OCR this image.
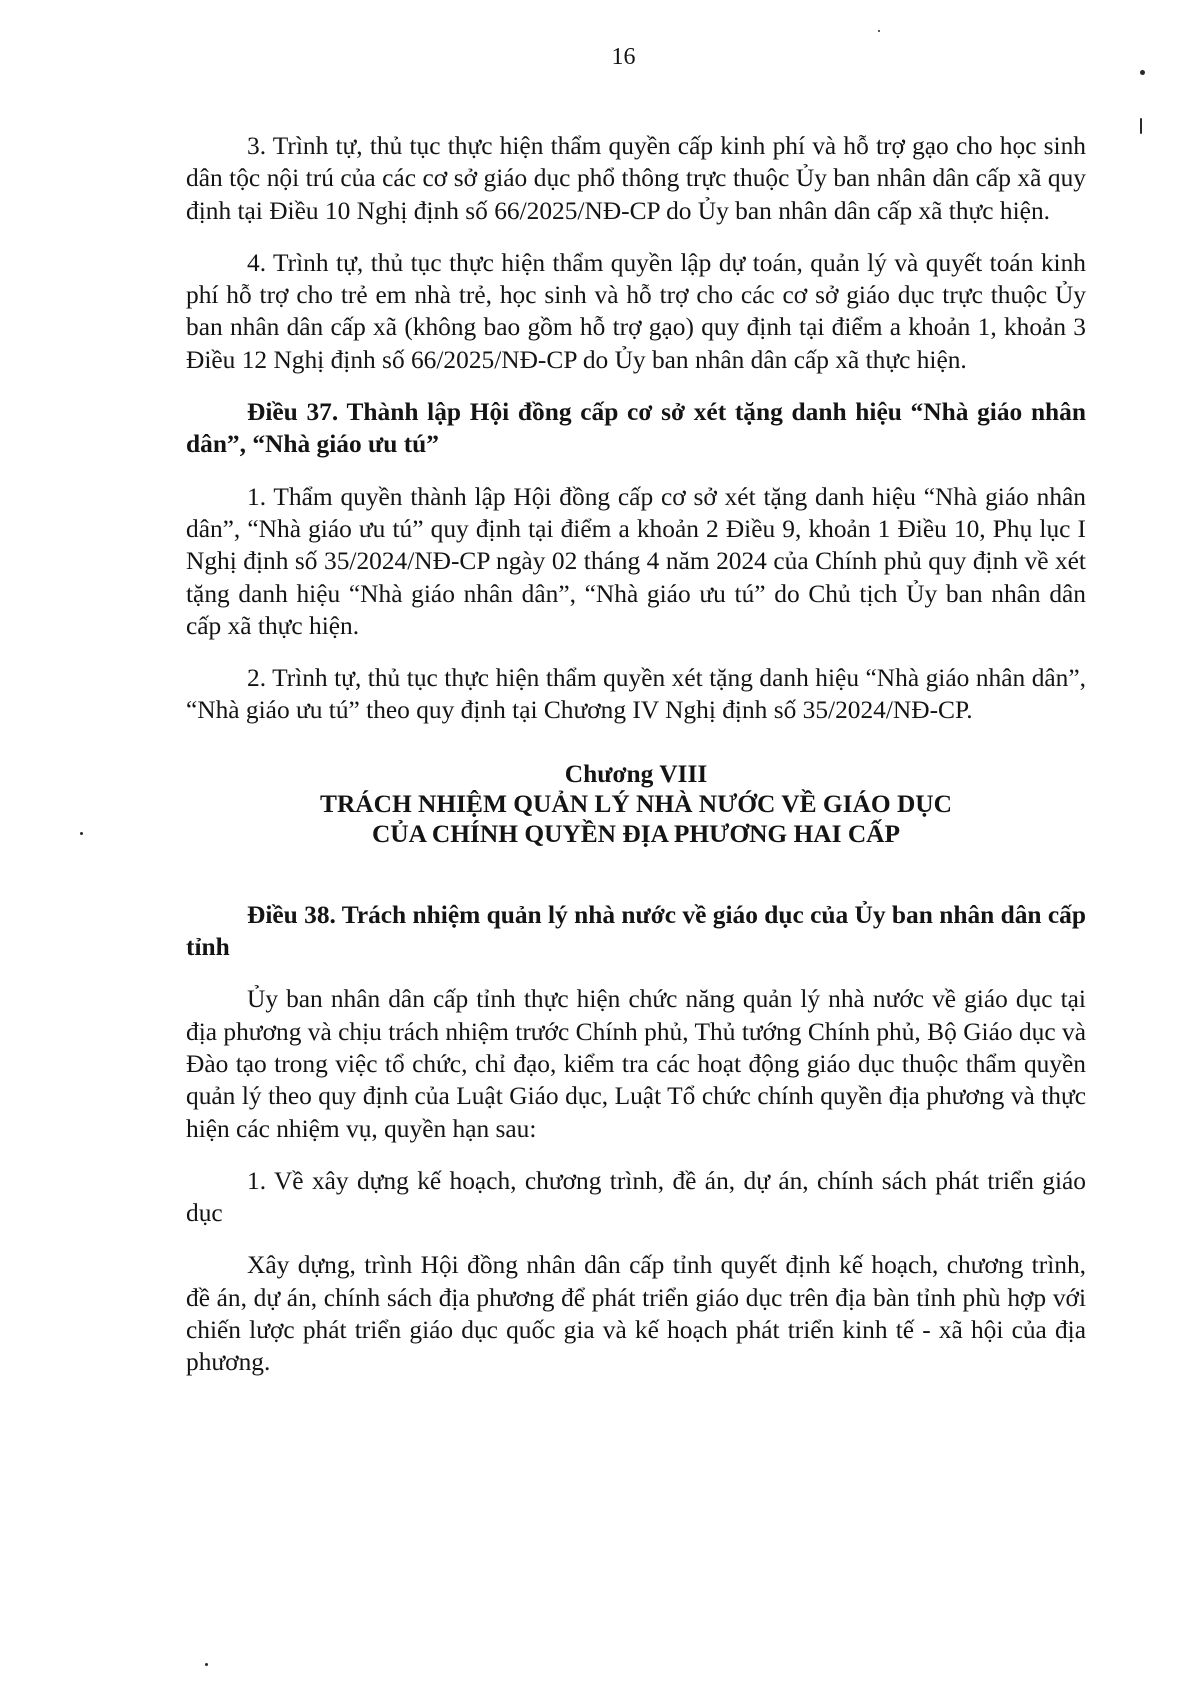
16

3. Trình tự, thủ tục thực hiện thẩm quyền cấp kinh phí và hỗ trợ gạo cho học sinh dân tộc nội trú của các cơ sở giáo dục phổ thông trực thuộc Ủy ban nhân dân cấp xã quy định tại Điều 10 Nghị định số 66/2025/NĐ-CP do Ủy ban nhân dân cấp xã thực hiện.

4. Trình tự, thủ tục thực hiện thẩm quyền lập dự toán, quản lý và quyết toán kinh phí hỗ trợ cho trẻ em nhà trẻ, học sinh và hỗ trợ cho các cơ sở giáo dục trực thuộc Ủy ban nhân dân cấp xã (không bao gồm hỗ trợ gạo) quy định tại điểm a khoản 1, khoản 3 Điều 12 Nghị định số 66/2025/NĐ-CP do Ủy ban nhân dân cấp xã thực hiện.

Điều 37. Thành lập Hội đồng cấp cơ sở xét tặng danh hiệu “Nhà giáo nhân dân”, “Nhà giáo ưu tú”

1. Thẩm quyền thành lập Hội đồng cấp cơ sở xét tặng danh hiệu “Nhà giáo nhân dân”, “Nhà giáo ưu tú” quy định tại điểm a khoản 2 Điều 9, khoản 1 Điều 10, Phụ lục I Nghị định số 35/2024/NĐ-CP ngày 02 tháng 4 năm 2024 của Chính phủ quy định về xét tặng danh hiệu “Nhà giáo nhân dân”, “Nhà giáo ưu tú” do Chủ tịch Ủy ban nhân dân cấp xã thực hiện.

2. Trình tự, thủ tục thực hiện thẩm quyền xét tặng danh hiệu “Nhà giáo nhân dân”, “Nhà giáo ưu tú” theo quy định tại Chương IV Nghị định số 35/2024/NĐ-CP.

Chương VIII
TRÁCH NHIỆM QUẢN LÝ NHÀ NƯỚC VỀ GIÁO DỤC
CỦA CHÍNH QUYỀN ĐỊA PHƯƠNG HAI CẤP

Điều 38. Trách nhiệm quản lý nhà nước về giáo dục của Ủy ban nhân dân cấp tỉnh

Ủy ban nhân dân cấp tỉnh thực hiện chức năng quản lý nhà nước về giáo dục tại địa phương và chịu trách nhiệm trước Chính phủ, Thủ tướng Chính phủ, Bộ Giáo dục và Đào tạo trong việc tổ chức, chỉ đạo, kiểm tra các hoạt động giáo dục thuộc thẩm quyền quản lý theo quy định của Luật Giáo dục, Luật Tổ chức chính quyền địa phương và thực hiện các nhiệm vụ, quyền hạn sau:

1. Về xây dựng kế hoạch, chương trình, đề án, dự án, chính sách phát triển giáo dục

Xây dựng, trình Hội đồng nhân dân cấp tỉnh quyết định kế hoạch, chương trình, đề án, dự án, chính sách địa phương để phát triển giáo dục trên địa bàn tỉnh phù hợp với chiến lược phát triển giáo dục quốc gia và kế hoạch phát triển kinh tế - xã hội của địa phương.
